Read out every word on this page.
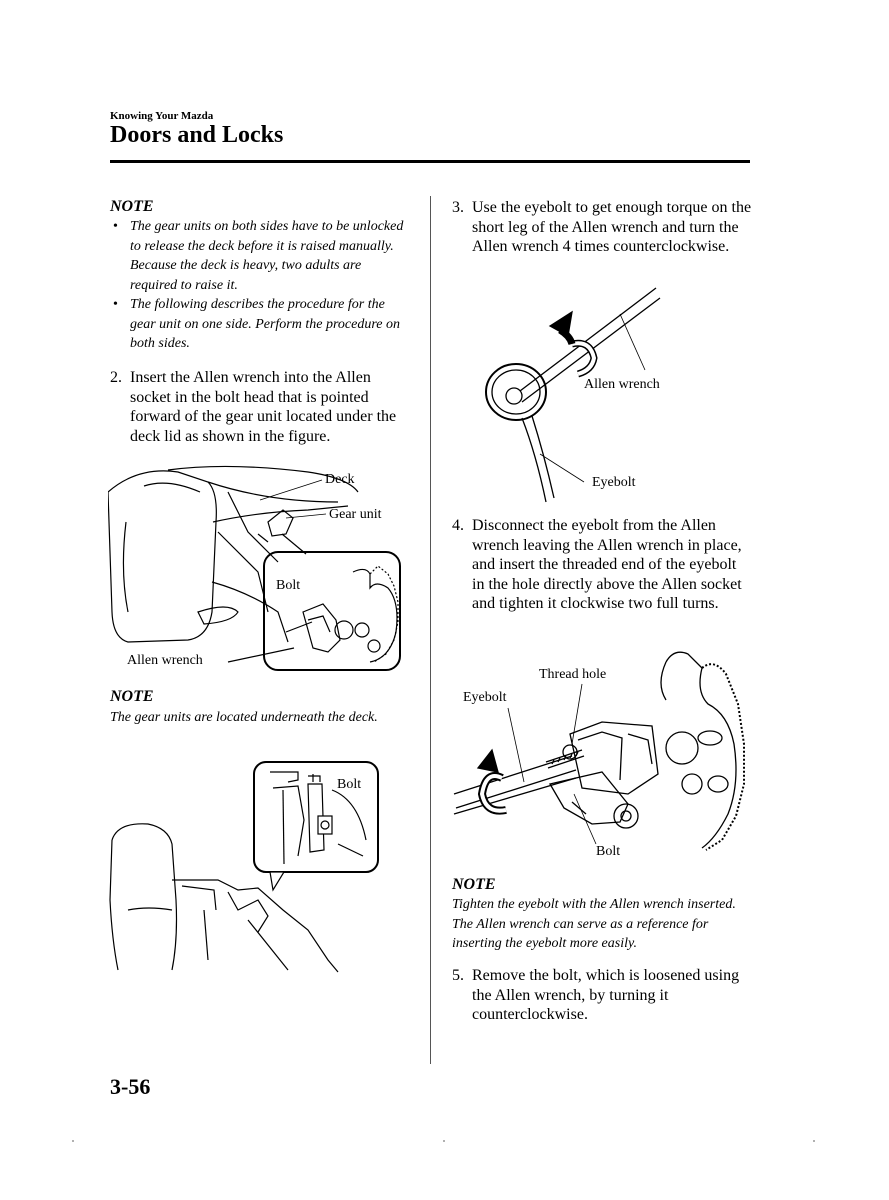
Knowing Your Mazda
Doors and Locks
NOTE
• The gear units on both sides have to be unlocked to release the deck before it is raised manually. Because the deck is heavy, two adults are required to raise it.
• The following describes the procedure for the gear unit on one side. Perform the procedure on both sides.
2. Insert the Allen wrench into the Allen socket in the bolt head that is pointed forward of the gear unit located under the deck lid as shown in the figure.
Deck
Gear unit
Bolt
Allen wrench
NOTE
The gear units are located underneath the deck.
Bolt
3. Use the eyebolt to get enough torque on the short leg of the Allen wrench and turn the Allen wrench 4 times counterclockwise.
Allen wrench
Eyebolt
4. Disconnect the eyebolt from the Allen wrench leaving the Allen wrench in place, and insert the threaded end of the eyebolt in the hole directly above the Allen socket and tighten it clockwise two full turns.
Thread hole
Eyebolt
Bolt
NOTE
Tighten the eyebolt with the Allen wrench inserted. The Allen wrench can serve as a reference for inserting the eyebolt more easily.
5. Remove the bolt, which is loosened using the Allen wrench, by turning it counterclockwise.
3-56
